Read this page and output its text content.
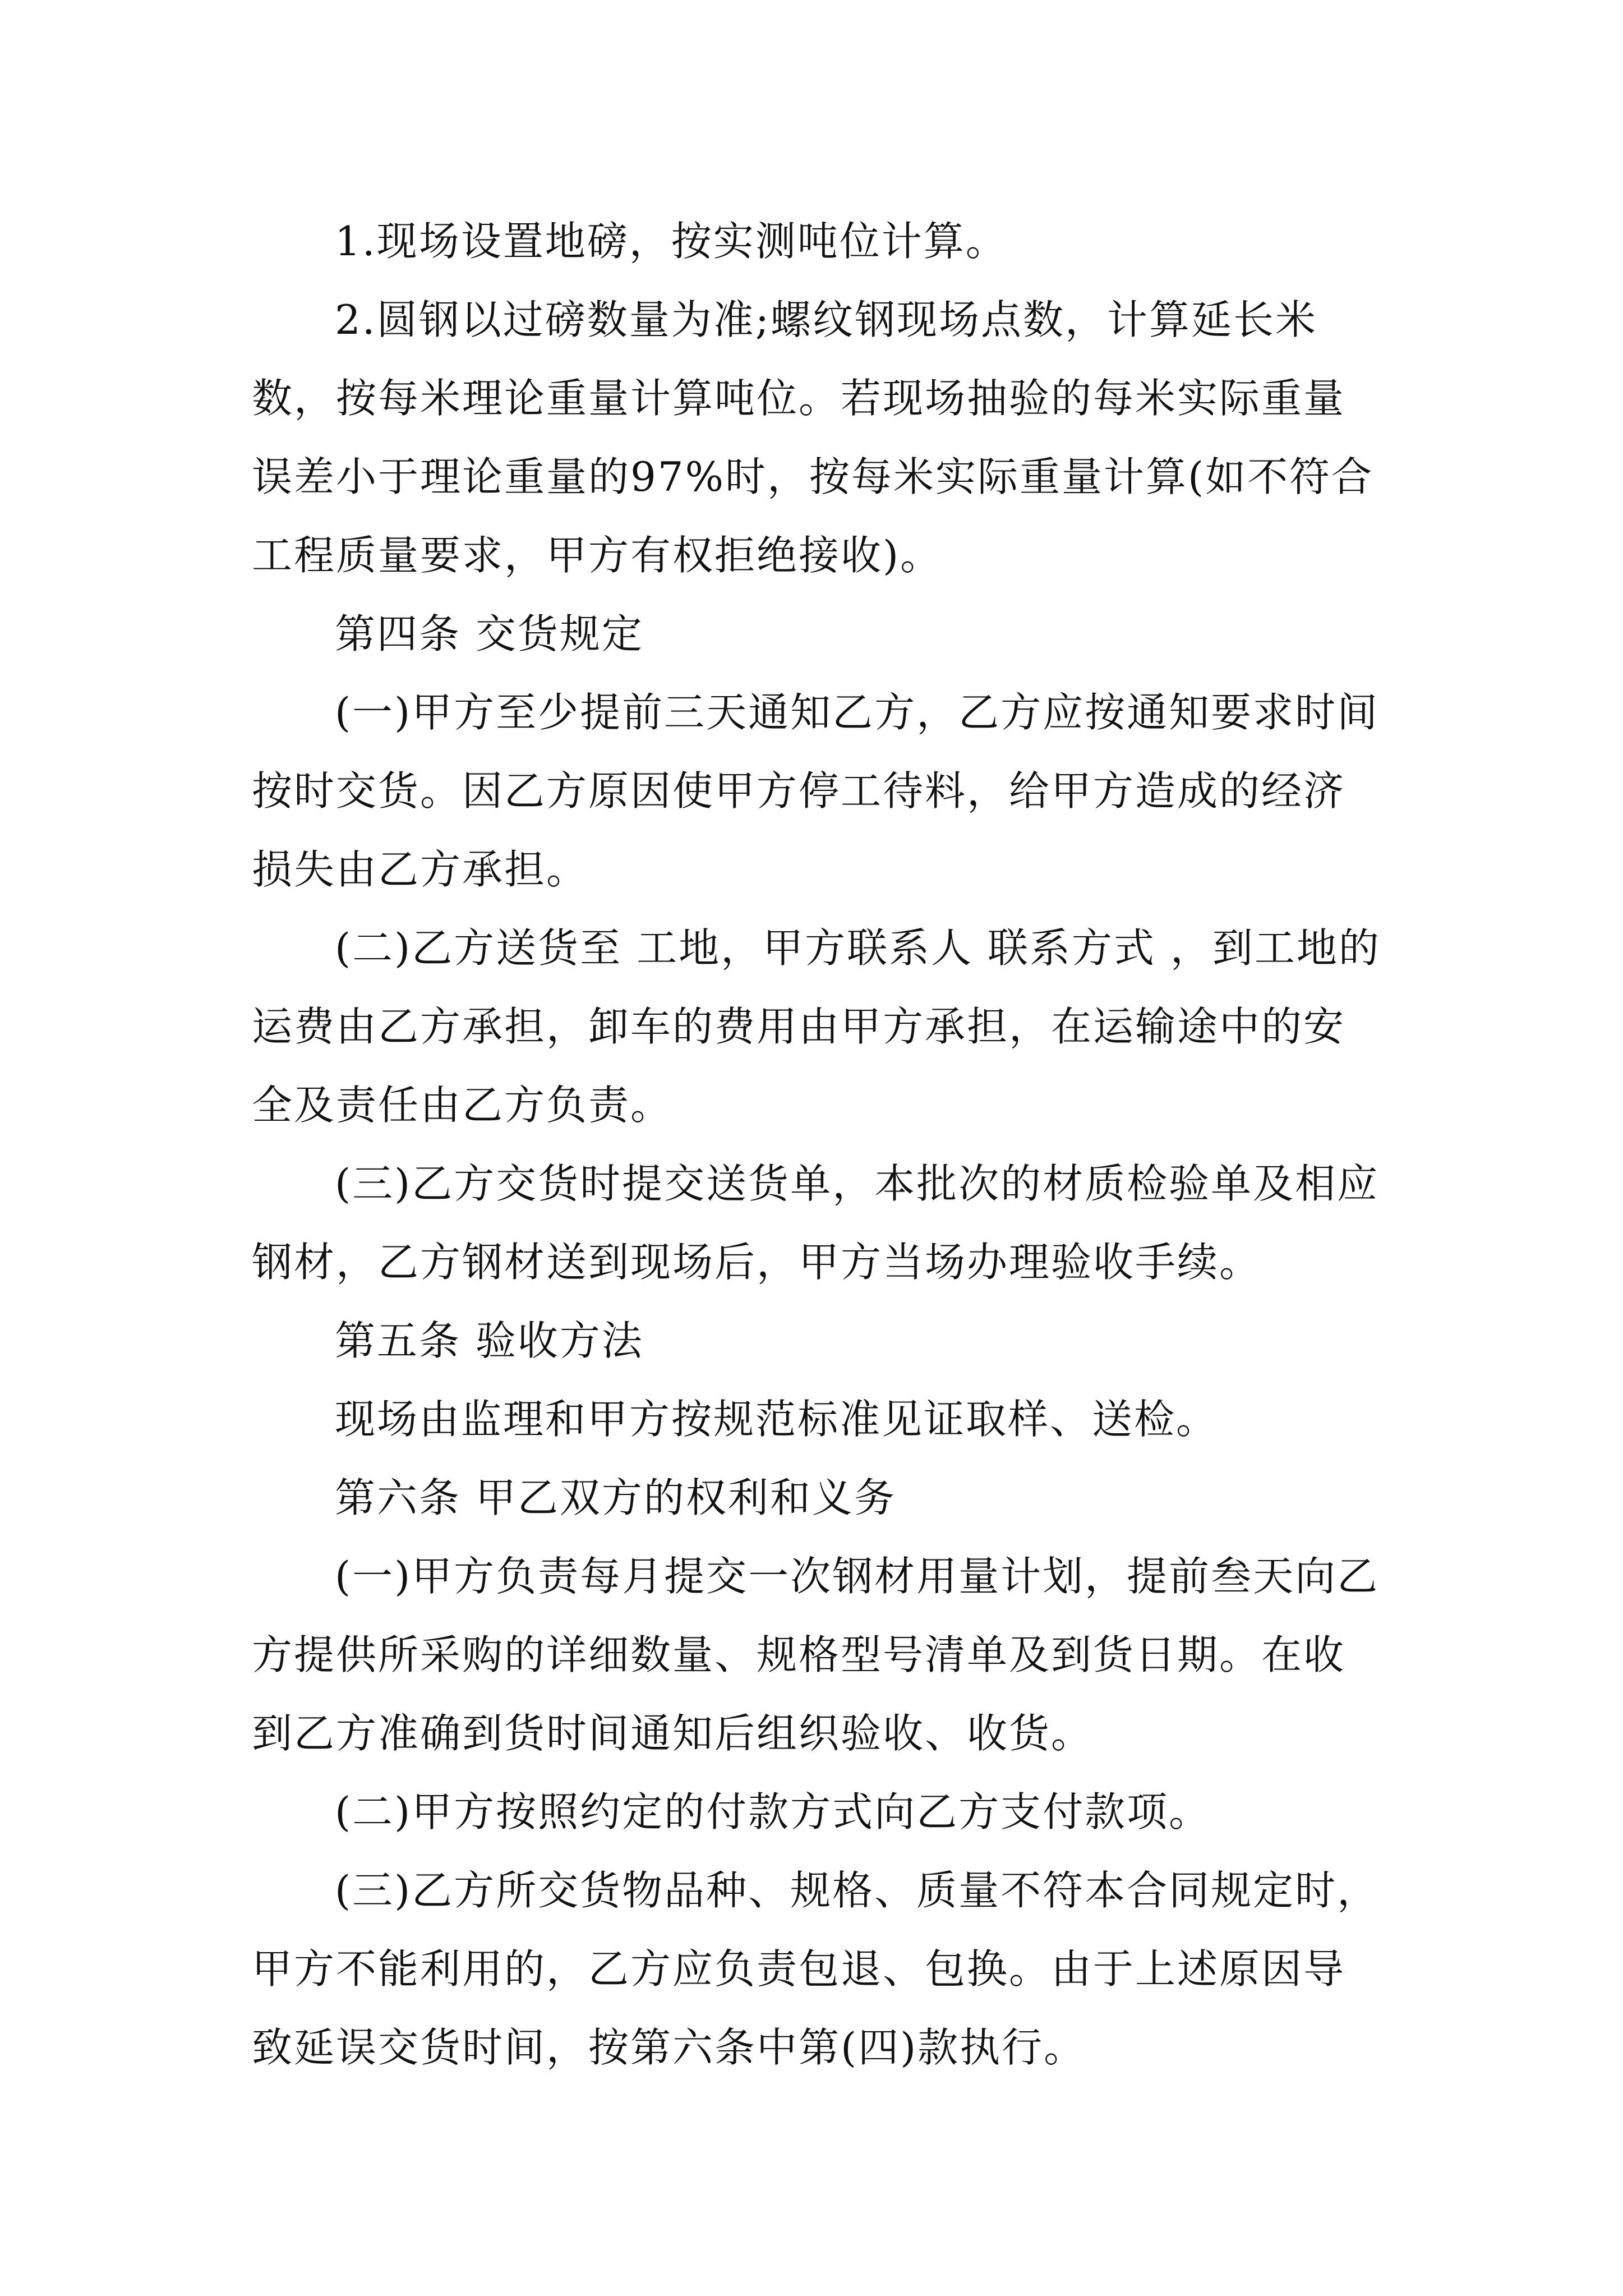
1.现场设置地磅，按实测吨位计算。

2.圆钢以过磅数量为准;螺纹钢现场点数，计算延长米数，按每米理论重量计算吨位。若现场抽验的每米实际重量误差小于理论重量的97%时，按每米实际重量计算(如不符合工程质量要求，甲方有权拒绝接收)。

第四条 交货规定

(一)甲方至少提前三天通知乙方，乙方应按通知要求时间按时交货。因乙方原因使甲方停工待料，给甲方造成的经济损失由乙方承担。

(二)乙方送货至 工地，甲方联系人 联系方式 ，到工地的运费由乙方承担，卸车的费用由甲方承担，在运输途中的安全及责任由乙方负责。

(三)乙方交货时提交送货单，本批次的材质检验单及相应钢材，乙方钢材送到现场后，甲方当场办理验收手续。

第五条 验收方法

现场由监理和甲方按规范标准见证取样、送检。

第六条 甲乙双方的权利和义务

(一)甲方负责每月提交一次钢材用量计划，提前叁天向乙方提供所采购的详细数量、规格型号清单及到货日期。在收到乙方准确到货时间通知后组织验收、收货。

(二)甲方按照约定的付款方式向乙方支付款项。

(三)乙方所交货物品种、规格、质量不符本合同规定时，甲方不能利用的，乙方应负责包退、包换。由于上述原因导致延误交货时间，按第六条中第(四)款执行。
